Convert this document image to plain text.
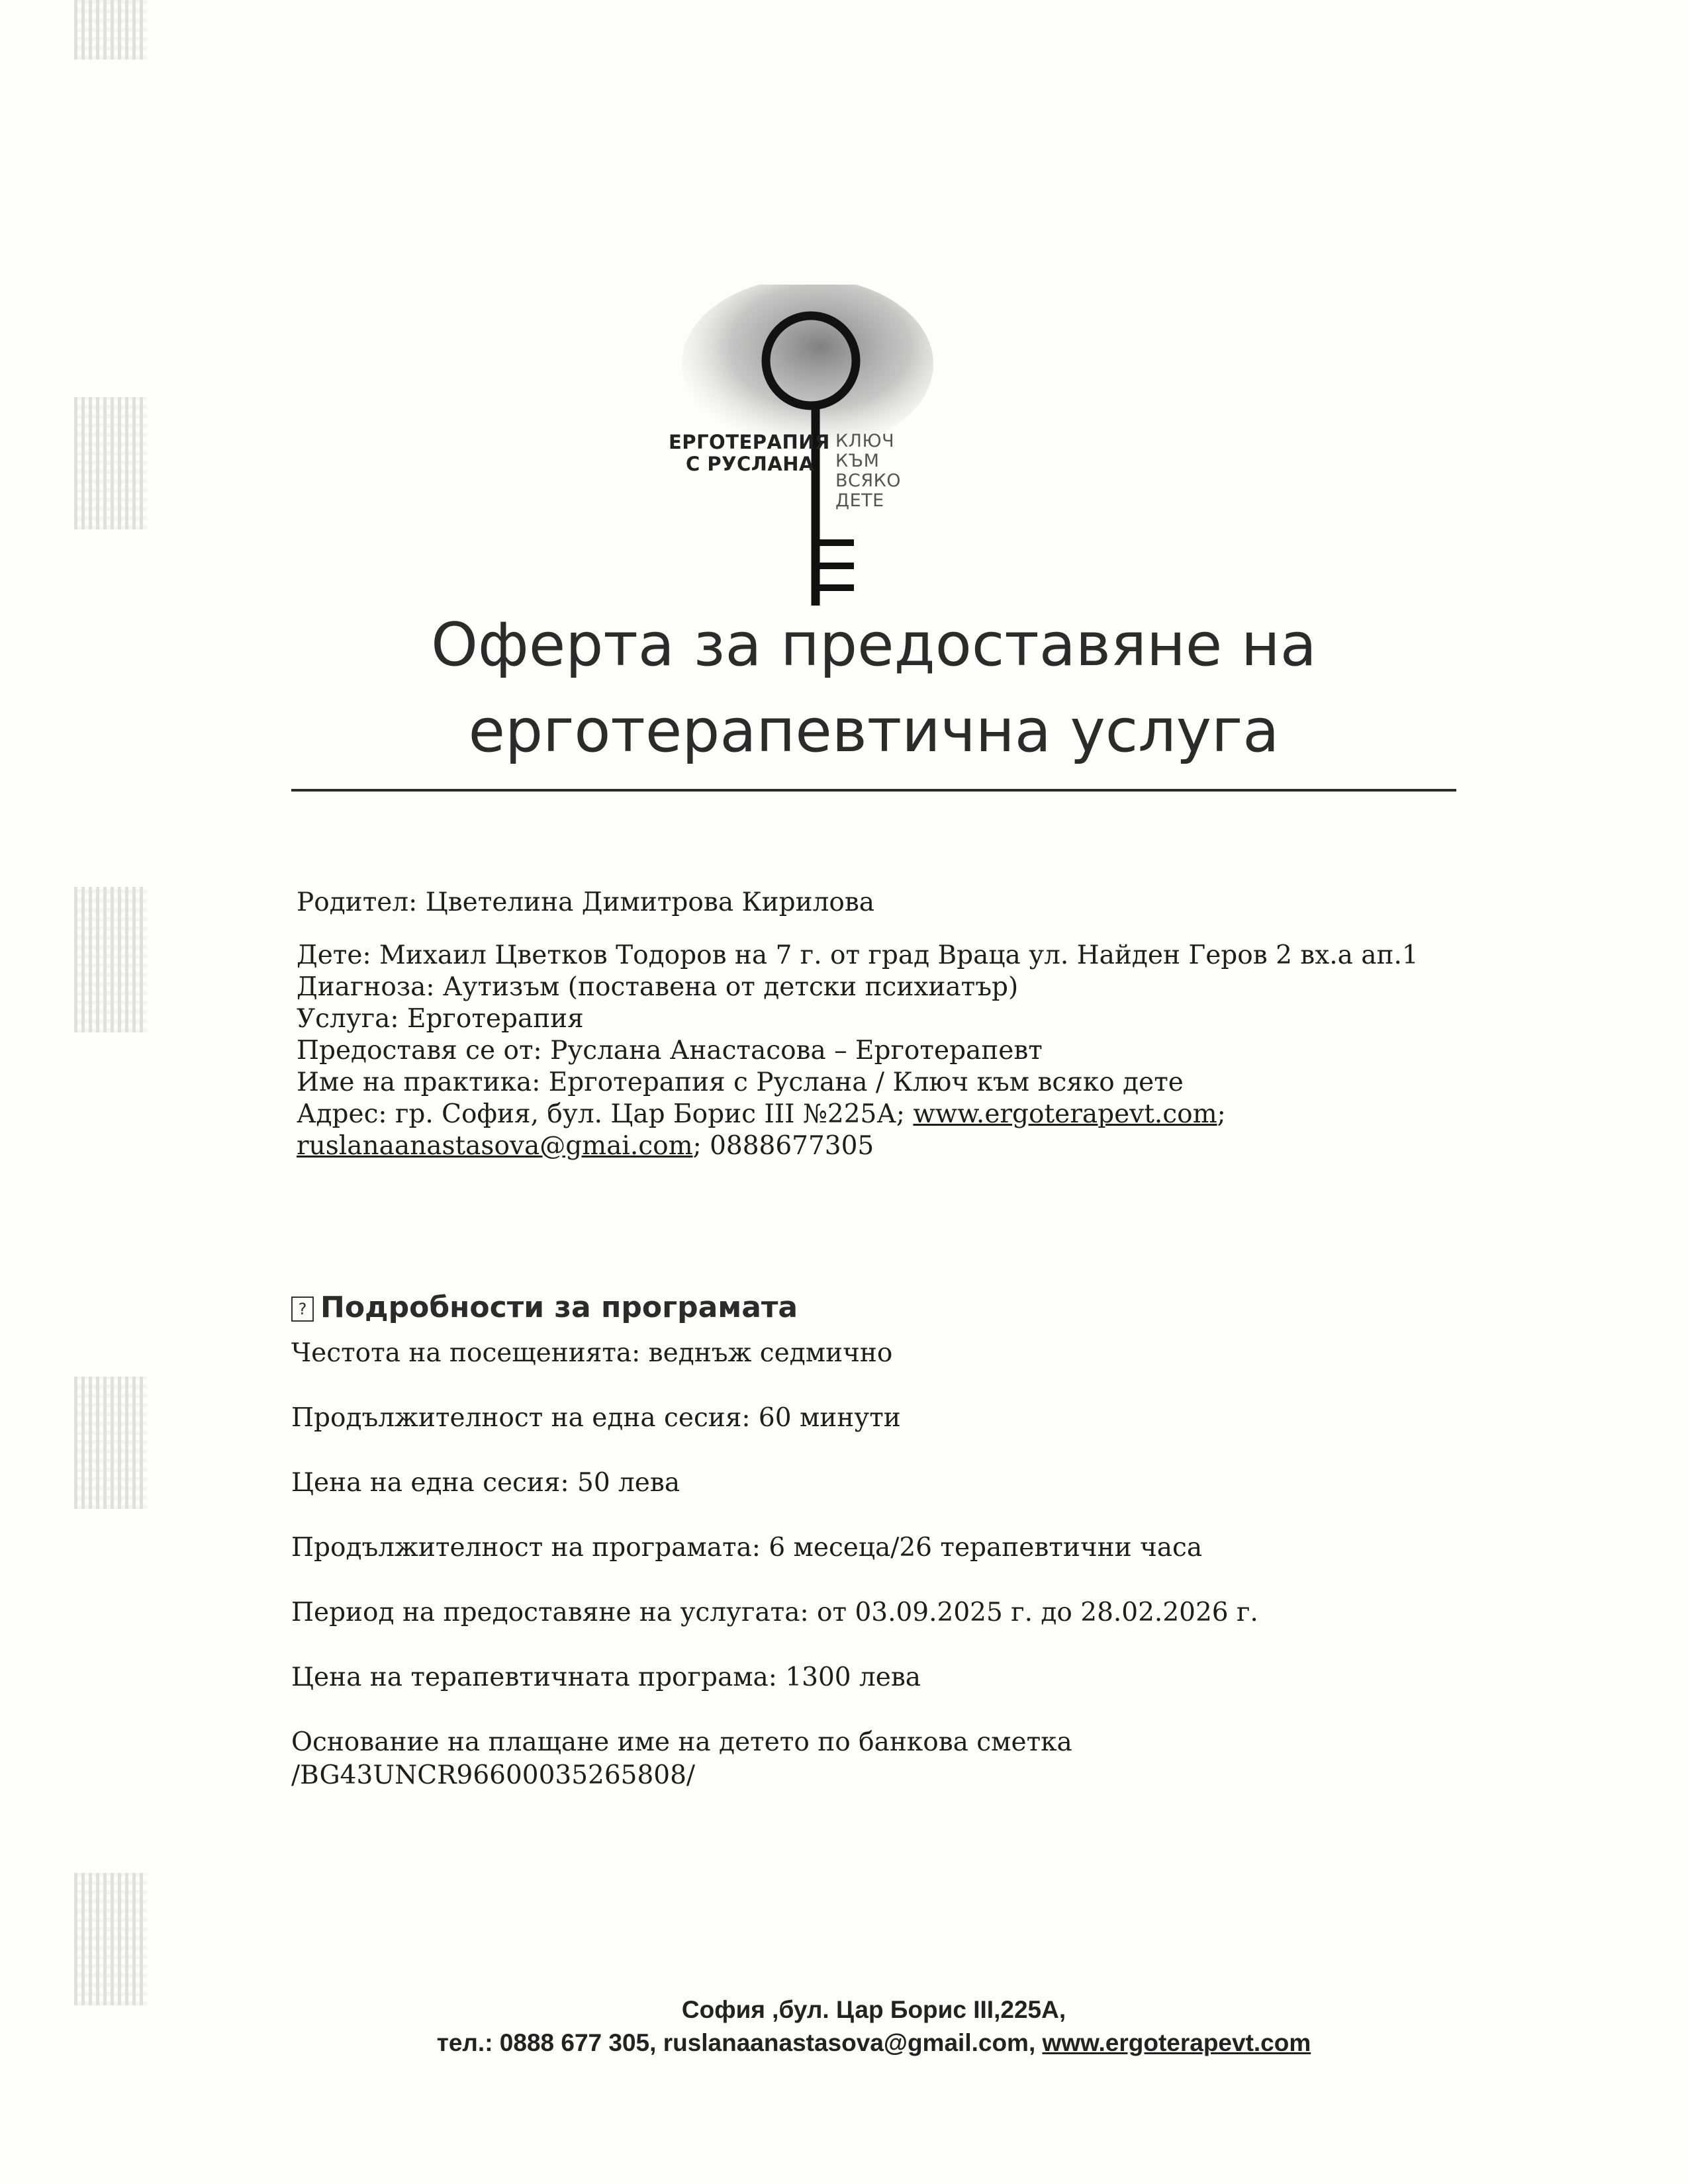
ЕРГОТЕРАПИЯ
С РУСЛАНА
КЛЮЧ
КЪМ
ВСЯКО
ДЕТЕ
Оферта за предоставяне на
ерготерапевтична услуга

Родител: Цветелина Димитрова Кирилова

Дете: Михаил Цветков Тодоров на 7 г. от град Враца ул. Найден Геров 2 вх.а ап.1

Диагноза: Аутизъм (поставена от детски психиатър)

Услуга: Ерготерапия

Предоставя се от: Руслана Анастасова – Ерготерапевт

Име на практика: Ерготерапия с Руслана / Ключ към всяко дете

Адрес: гр. София, бул. Цар Борис III №225А; www.ergoterapevt.com;

ruslanaanastasova@gmai.com; 0888677305

? Подробности за програмата

Честота на посещенията: веднъж седмично

Продължителност на една сесия: 60 минути

Цена на една сесия: 50 лева

Продължителност на програмата: 6 месеца/26 терапевтични часа

Период на предоставяне на услугата: от 03.09.2025 г. до 28.02.2026 г.

Цена на терапевтичната програма: 1300 лева

Основание на плащане име на детето по банкова сметка

/BG43UNCR96600035265808/

София ,бул. Цар Борис III,225А,

тел.: 0888 677 305, ruslanaanastasova@gmail.com, www.ergoterapevt.com
